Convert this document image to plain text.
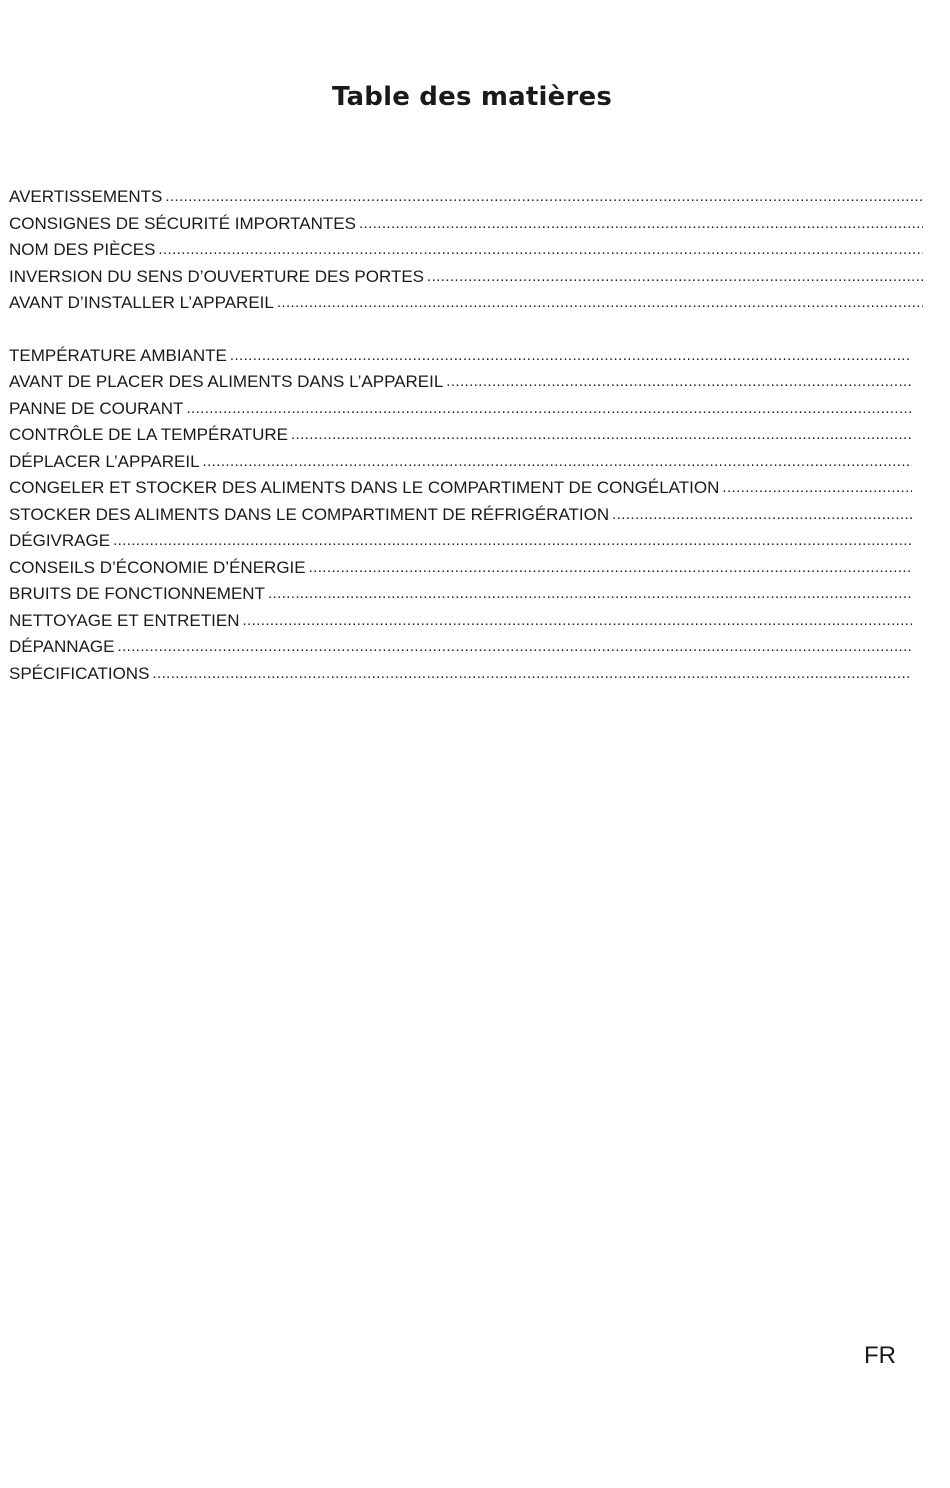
Table des matières
AVERTISSEMENTS
.....
CONSIGNES DE SÉCURITÉ IMPORTANTES
.....
NOM DES PIÈCES
.....
INVERSION DU SENS D’OUVERTURE DES PORTES
.....
AVANT D’INSTALLER L’APPAREIL
.....
TEMPÉRATURE AMBIANTE
.....
AVANT DE PLACER DES ALIMENTS DANS L’APPAREIL
.....
PANNE DE COURANT
.....
CONTRÔLE DE LA TEMPÉRATURE
.....
DÉPLACER L’APPAREIL
.....
CONGELER ET STOCKER DES ALIMENTS DANS LE COMPARTIMENT DE CONGÉLATION
.....
STOCKER DES ALIMENTS DANS LE COMPARTIMENT DE RÉFRIGÉRATION
.....
DÉGIVRAGE
.....
CONSEILS D’ÉCONOMIE D’ÉNERGIE
.....
BRUITS DE FONCTIONNEMENT
.....
NETTOYAGE ET ENTRETIEN
.....
DÉPANNAGE
.....
SPÉCIFICATIONS
.....

FR
